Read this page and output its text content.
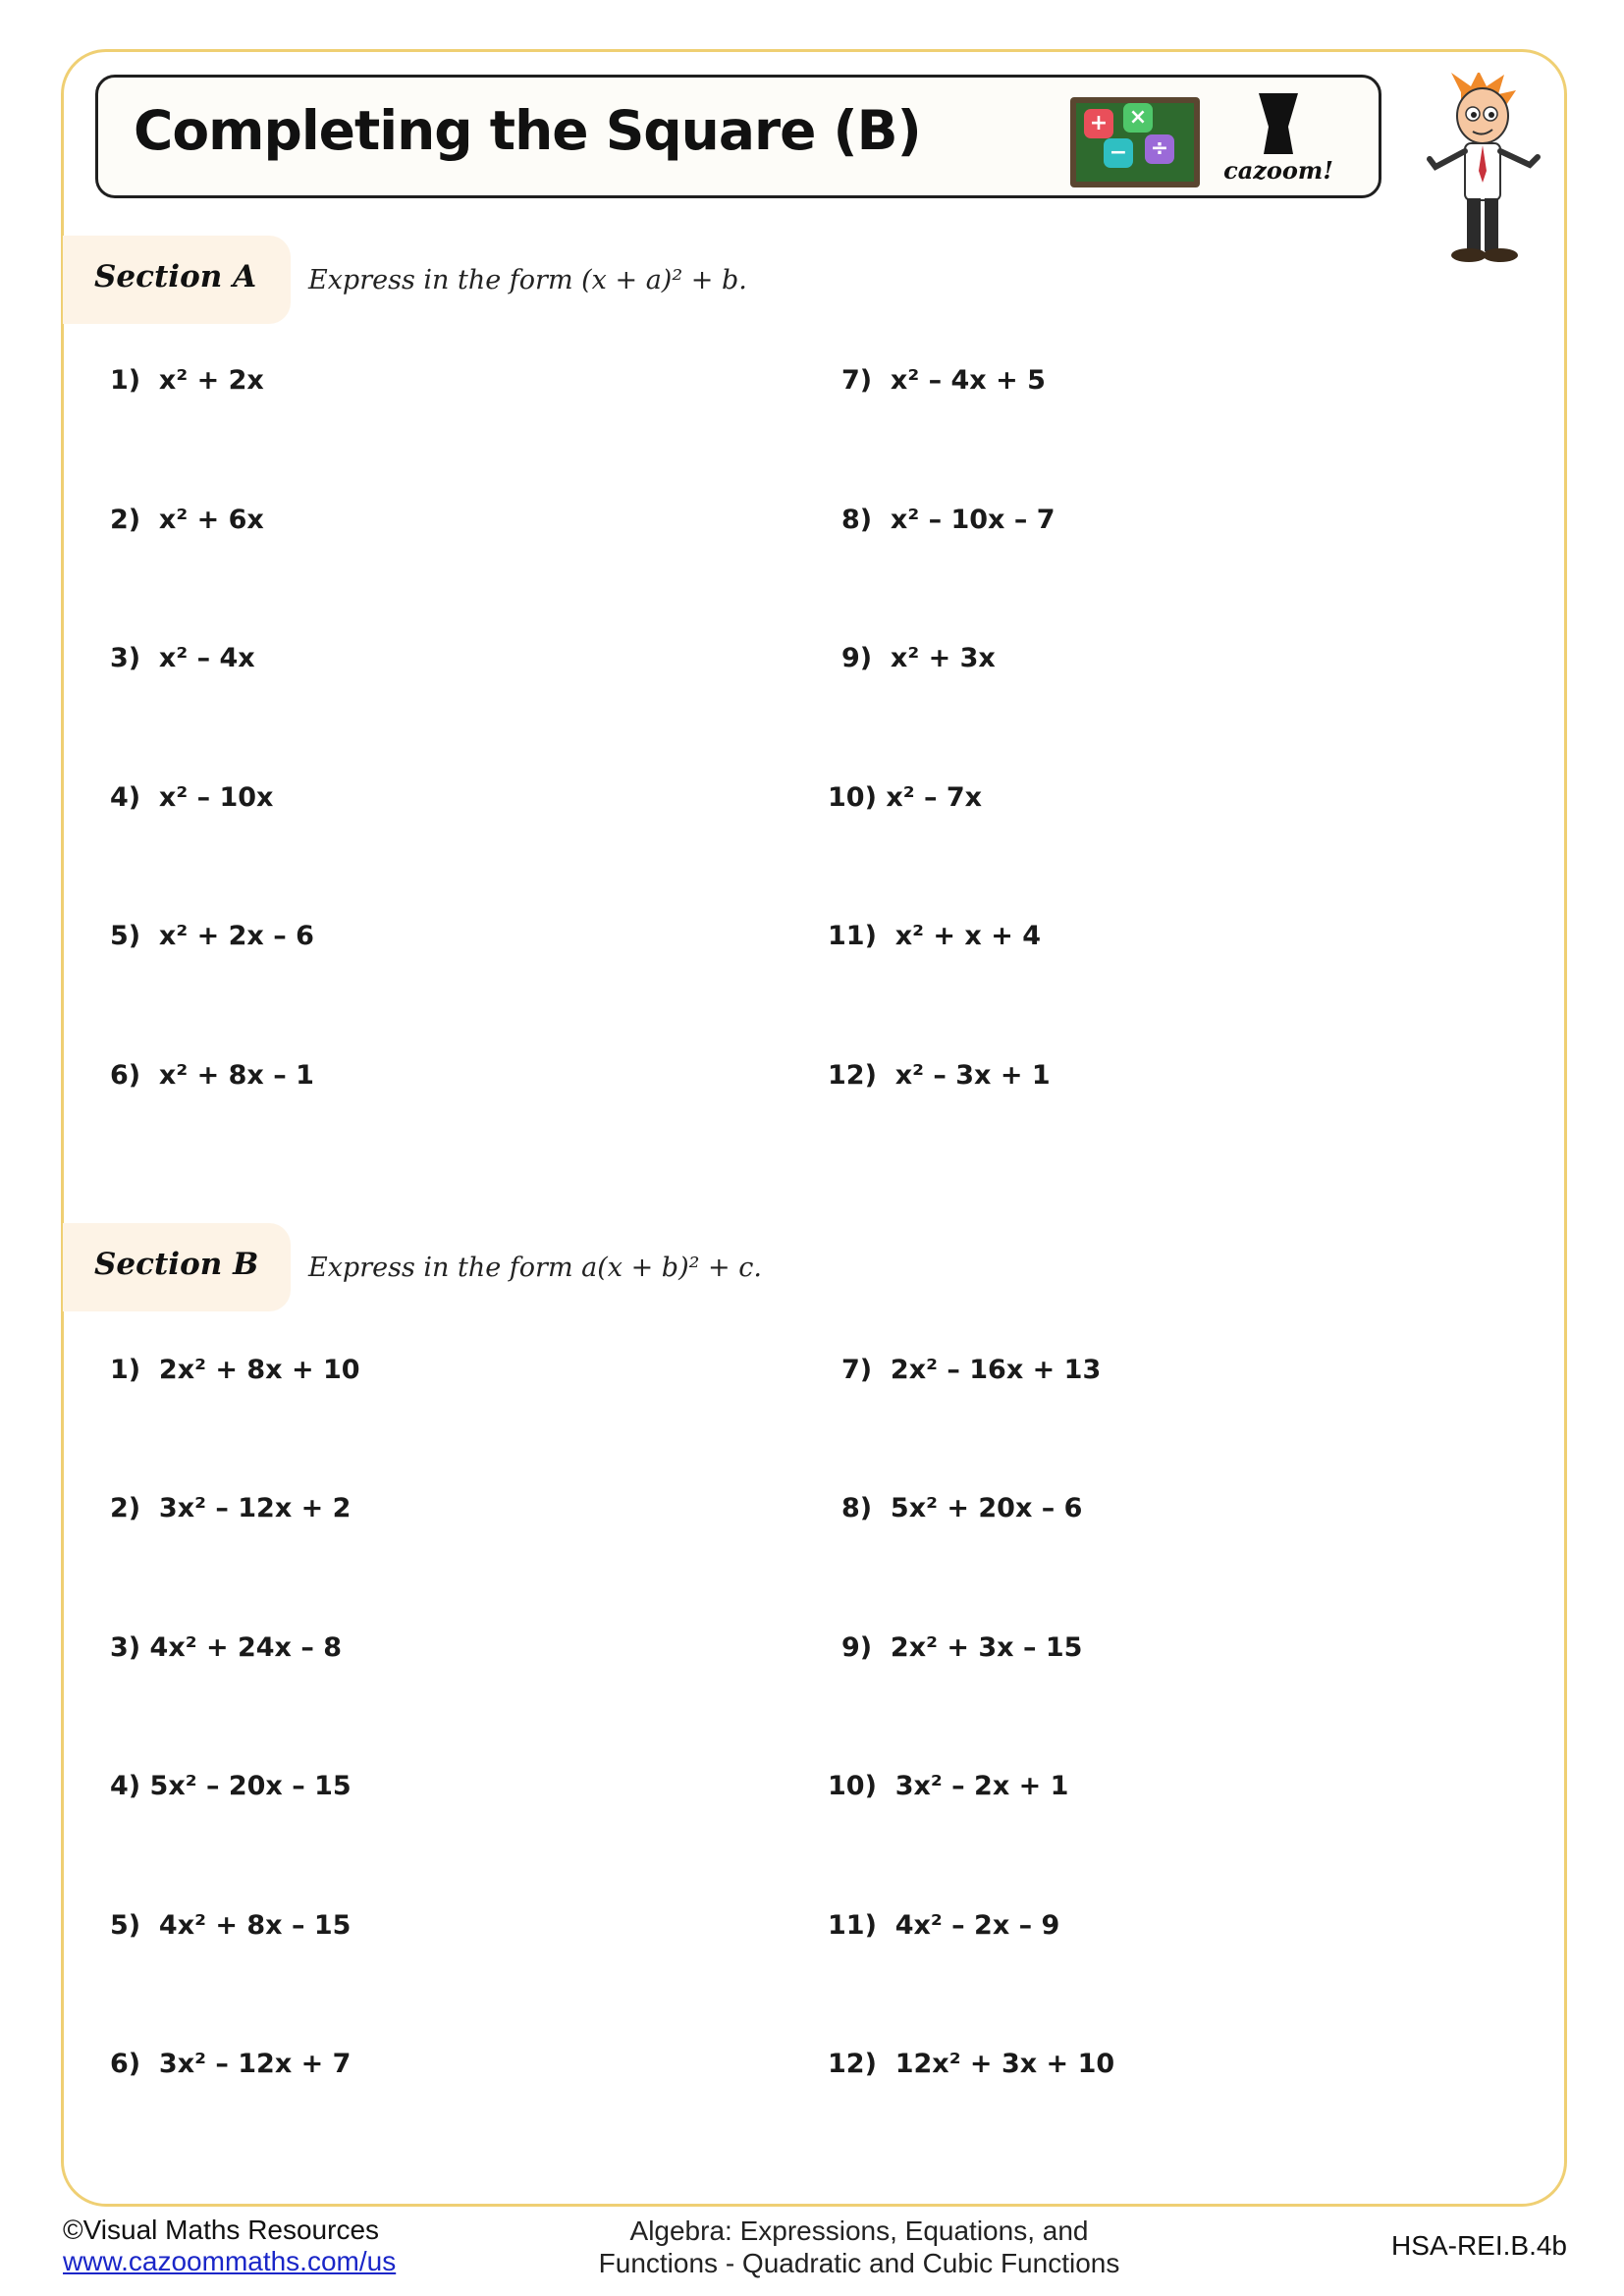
Completing the Square (B)	+ ×
− ÷
cazoom!
Section A Express in the form (x + a)² + b.
1)  x² + 2x
2)  x² + 6x
3)  x² – 4x
4)  x² – 10x
5)  x² + 2x – 6
6)  x² + 8x – 1
7)  x² – 4x + 5
8)  x² – 10x – 7
9)  x² + 3x
10) x² – 7x
11)  x² + x + 4
12)  x² – 3x + 1
Section B Express in the form a(x + b)² + c.
1)  2x² + 8x + 10
2)  3x² – 12x + 2
3) 4x² + 24x – 8
4) 5x² – 20x – 15
5)  4x² + 8x – 15
6)  3x² – 12x + 7
7)  2x² – 16x + 13
8)  5x² + 20x – 6
9)  2x² + 3x – 15
10)  3x² – 2x + 1
11)  4x² – 2x – 9
12)  12x² + 3x + 10
©Visual Maths Resources
www.cazoommaths.com/us
Algebra: Expressions, Equations, and
Functions - Quadratic and Cubic Functions
HSA-REI.B.4b
